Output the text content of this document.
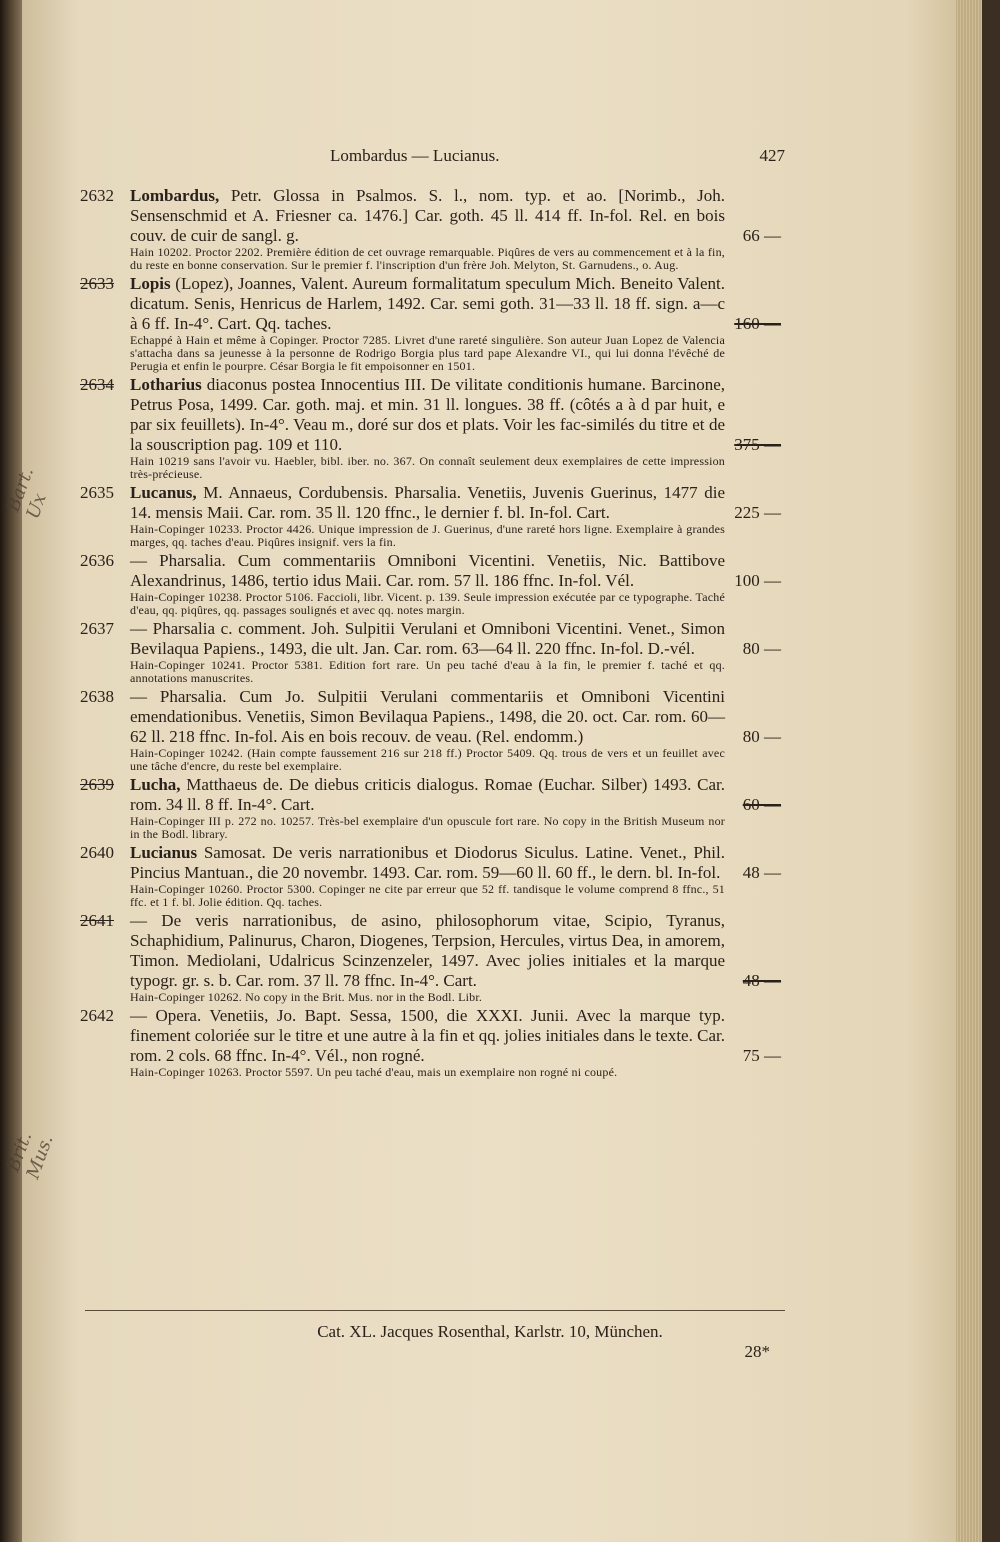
Bart. Ux
Brit. Mus.
Lombardus — Lucianus.	427
2632 Lombardus, Petr. Glossa in Psalmos. S. l., nom. typ. et ao. [Norimb., Joh. Sensenschmid et A. Friesner ca. 1476.] Car. goth. 45 ll. 414 ff. In-fol. Rel. en bois couv. de cuir de sangl. g.
Hain 10202. Proctor 2202. Première édition de cet ouvrage remarquable. Piqûres de vers au commencement et à la fin, du reste en bonne conservation. Sur le premier f. l'inscription d'un frère Joh. Melyton, St. Garnudens., o. Aug.
66 —
2633 Lopis (Lopez), Joannes, Valent. Aureum formalitatum speculum Mich. Beneito Valent. dicatum. Senis, Henricus de Harlem, 1492. Car. semi goth. 31—33 ll. 18 ff. sign. a—c à 6 ff. In-4°. Cart. Qq. taches.
Echappé à Hain et même à Copinger. Proctor 7285. Livret d'une rareté singulière. Son auteur Juan Lopez de Valencia s'attacha dans sa jeunesse à la personne de Rodrigo Borgia plus tard pape Alexandre VI., qui lui donna l'évêché de Perugia et enfin le pourpre. César Borgia le fit empoisonner en 1501.
160 —
2634 Lotharius diaconus postea Innocentius III. De vilitate conditionis humane. Barcinone, Petrus Posa, 1499. Car. goth. maj. et min. 31 ll. longues. 38 ff. (côtés a à d par huit, e par six feuillets). In-4°. Veau m., doré sur dos et plats. Voir les fac-similés du titre et de la souscription pag. 109 et 110.
Hain 10219 sans l'avoir vu. Haebler, bibl. iber. no. 367. On connaît seulement deux exemplaires de cette impression très-précieuse.
375 —
2635 Lucanus, M. Annaeus, Cordubensis. Pharsalia. Venetiis, Juvenis Guerinus, 1477 die 14. mensis Maii. Car. rom. 35 ll. 120 ffnc., le dernier f. bl. In-fol. Cart.
Hain-Copinger 10233. Proctor 4426. Unique impression de J. Guerinus, d'une rareté hors ligne. Exemplaire à grandes marges, qq. taches d'eau. Piqûres insignif. vers la fin.
225 —
2636 — Pharsalia. Cum commentariis Omniboni Vicentini. Venetiis, Nic. Battibove Alexandrinus, 1486, tertio idus Maii. Car. rom. 57 ll. 186 ffnc. In-fol. Vél.
Hain-Copinger 10238. Proctor 5106. Faccioli, libr. Vicent. p. 139. Seule impression exécutée par ce typographe. Taché d'eau, qq. piqûres, qq. passages soulignés et avec qq. notes margin.
100 —
2637 — Pharsalia c. comment. Joh. Sulpitii Verulani et Omniboni Vicentini. Venet., Simon Bevilaqua Papiens., 1493, die ult. Jan. Car. rom. 63—64 ll. 220 ffnc. In-fol. D.-vél.
Hain-Copinger 10241. Proctor 5381. Edition fort rare. Un peu taché d'eau à la fin, le premier f. taché et qq. annotations manuscrites.
80 —
2638 — Pharsalia. Cum Jo. Sulpitii Verulani commentariis et Omniboni Vicentini emendationibus. Venetiis, Simon Bevilaqua Papiens., 1498, die 20. oct. Car. rom. 60—62 ll. 218 ffnc. In-fol. Ais en bois recouv. de veau. (Rel. endomm.)
Hain-Copinger 10242. (Hain compte faussement 216 sur 218 ff.) Proctor 5409. Qq. trous de vers et un feuillet avec une tâche d'encre, du reste bel exemplaire.
80 —
2639 Lucha, Matthaeus de. De diebus criticis dialogus. Romae (Euchar. Silber) 1493. Car. rom. 34 ll. 8 ff. In-4°. Cart.
Hain-Copinger III p. 272 no. 10257. Très-bel exemplaire d'un opuscule fort rare. No copy in the British Museum nor in the Bodl. library.
60 —
2640 Lucianus Samosat. De veris narrationibus et Diodorus Siculus. Latine. Venet., Phil. Pincius Mantuan., die 20 novembr. 1493. Car. rom. 59—60 ll. 60 ff., le dern. bl. In-fol.
Hain-Copinger 10260. Proctor 5300. Copinger ne cite par erreur que 52 ff. tandisque le volume comprend 8 ffnc., 51 ffc. et 1 f. bl. Jolie édition. Qq. taches.
48 —
2641 — De veris narrationibus, de asino, philosophorum vitae, Scipio, Tyranus, Schaphidium, Palinurus, Charon, Diogenes, Terpsion, Hercules, virtus Dea, in amorem, Timon. Mediolani, Udalricus Scinzenzeler, 1497. Avec jolies initiales et la marque typogr. gr. s. b. Car. rom. 37 ll. 78 ffnc. In-4°. Cart.
Hain-Copinger 10262. No copy in the Brit. Mus. nor in the Bodl. Libr.
48 —
2642 — Opera. Venetiis, Jo. Bapt. Sessa, 1500, die XXXI. Junii. Avec la marque typ. finement coloriée sur le titre et une autre à la fin et qq. jolies initiales dans le texte. Car. rom. 2 cols. 68 ffnc. In-4°. Vél., non rogné.
Hain-Copinger 10263. Proctor 5597. Un peu taché d'eau, mais un exemplaire non rogné ni coupé.
75 —
Cat. XL. Jacques Rosenthal, Karlstr. 10, München.
28*
